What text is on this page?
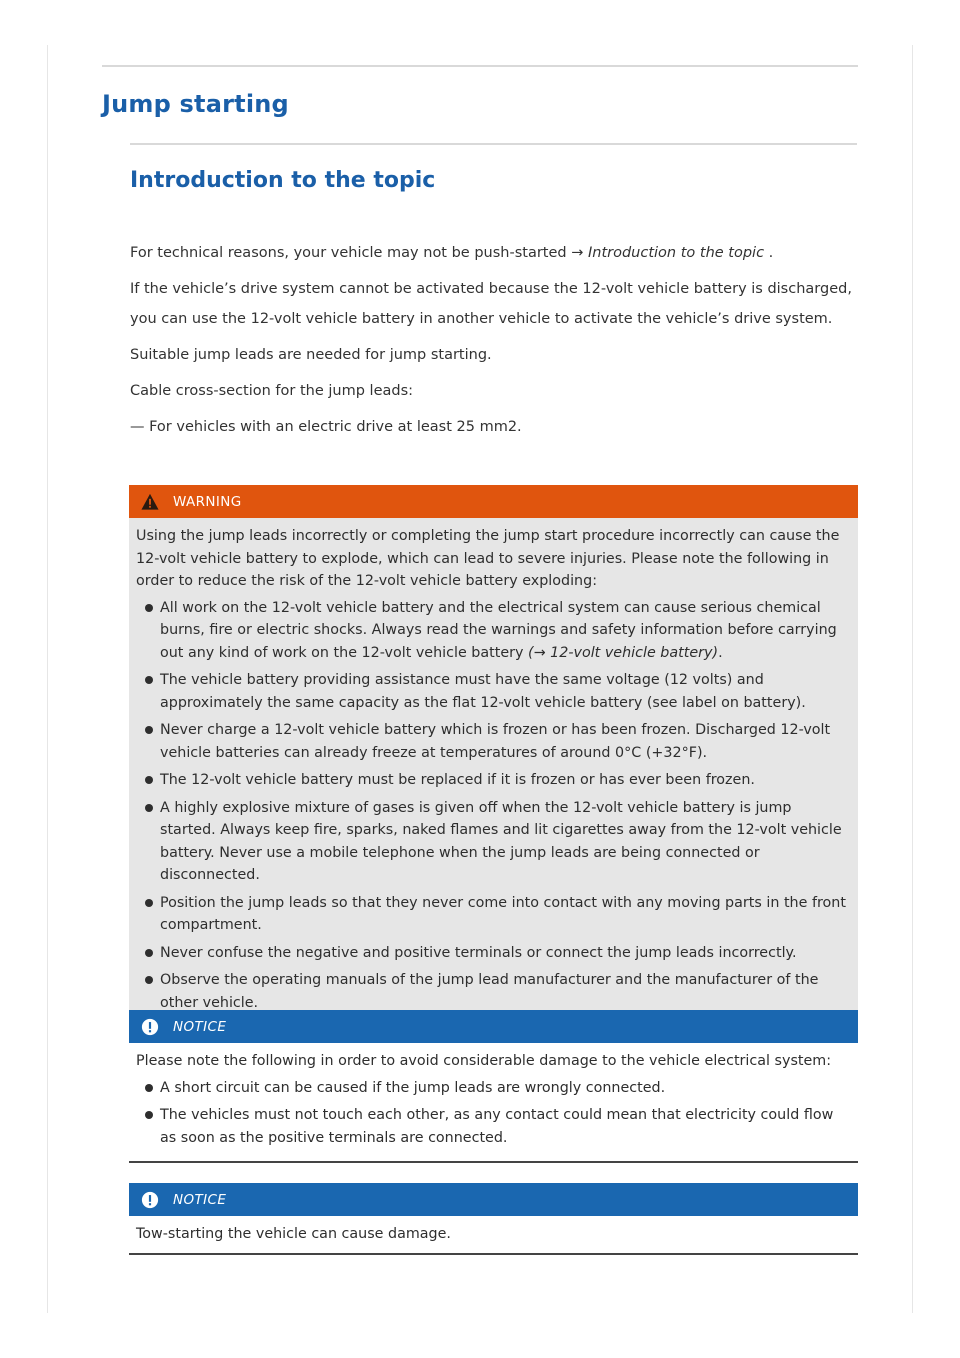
Jump starting
Introduction to the topic

For technical reasons, your vehicle may not be push-started → Introduction to the topic .

If the vehicle’s drive system cannot be activated because the 12-volt vehicle battery is discharged, you can use the 12-volt vehicle battery in another vehicle to activate the vehicle’s drive system.

Suitable jump leads are needed for jump starting.

Cable cross-section for the jump leads:

— For vehicles with an electric drive at least 25 mm2.

WARNING

Using the jump leads incorrectly or completing the jump start procedure incorrectly can cause the 12-volt vehicle battery to explode, which can lead to severe injuries. Please note the following in order to reduce the risk of the 12-volt vehicle battery exploding:

All work on the 12-volt vehicle battery and the electrical system can cause serious chemical burns, fire or electric shocks. Always read the warnings and safety information before carrying out any kind of work on the 12-volt vehicle battery (→ 12-volt vehicle battery).
The vehicle battery providing assistance must have the same voltage (12 volts) and approximately the same capacity as the flat 12-volt vehicle battery (see label on battery).
Never charge a 12-volt vehicle battery which is frozen or has been frozen. Discharged 12-volt vehicle batteries can already freeze at temperatures of around 0°C (+32°F).
The 12-volt vehicle battery must be replaced if it is frozen or has ever been frozen.
A highly explosive mixture of gases is given off when the 12-volt vehicle battery is jump started. Always keep fire, sparks, naked flames and lit cigarettes away from the 12-volt vehicle battery. Never use a mobile telephone when the jump leads are being connected or disconnected.
Position the jump leads so that they never come into contact with any moving parts in the front compartment.
Never confuse the negative and positive terminals or connect the jump leads incorrectly.
Observe the operating manuals of the jump lead manufacturer and the manufacturer of the other vehicle.
NOTICE

Please note the following in order to avoid considerable damage to the vehicle electrical system:

A short circuit can be caused if the jump leads are wrongly connected.
The vehicles must not touch each other, as any contact could mean that electricity could flow as soon as the positive terminals are connected.
NOTICE

Tow-starting the vehicle can cause damage.
